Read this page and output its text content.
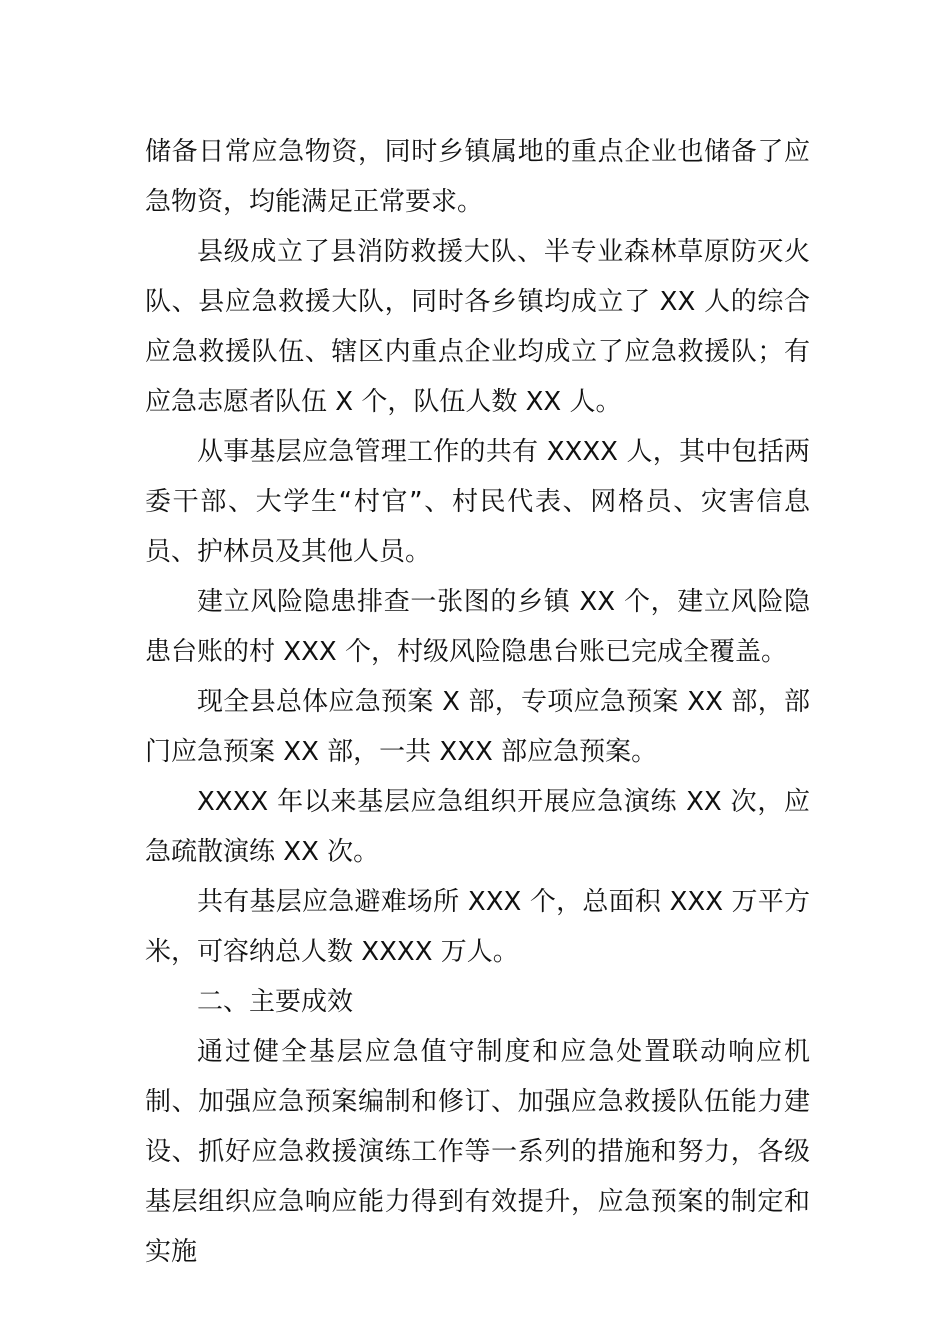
储备日常应急物资，同时乡镇属地的重点企业也储备了应急物资，均能满足正常要求。

县级成立了县消防救援大队、半专业森林草原防灭火队、县应急救援大队，同时各乡镇均成立了 XX 人的综合应急救援队伍、辖区内重点企业均成立了应急救援队；有应急志愿者队伍 X 个，队伍人数 XX 人。

从事基层应急管理工作的共有 XXXX 人，其中包括两委干部、大学生“村官”、村民代表、网格员、灾害信息员、护林员及其他人员。

建立风险隐患排查一张图的乡镇 XX 个，建立风险隐患台账的村 XXX 个，村级风险隐患台账已完成全覆盖。

现全县总体应急预案 X 部，专项应急预案 XX 部，部门应急预案 XX 部，一共 XXX 部应急预案。

XXXX 年以来基层应急组织开展应急演练 XX 次，应急疏散演练 XX 次。

共有基层应急避难场所 XXX 个，总面积 XXX 万平方米，可容纳总人数 XXXX 万人。

二、主要成效

通过健全基层应急值守制度和应急处置联动响应机制、加强应急预案编制和修订、加强应急救援队伍能力建设、抓好应急救援演练工作等一系列的措施和努力，各级基层组织应急响应能力得到有效提升，应急预案的制定和实施
